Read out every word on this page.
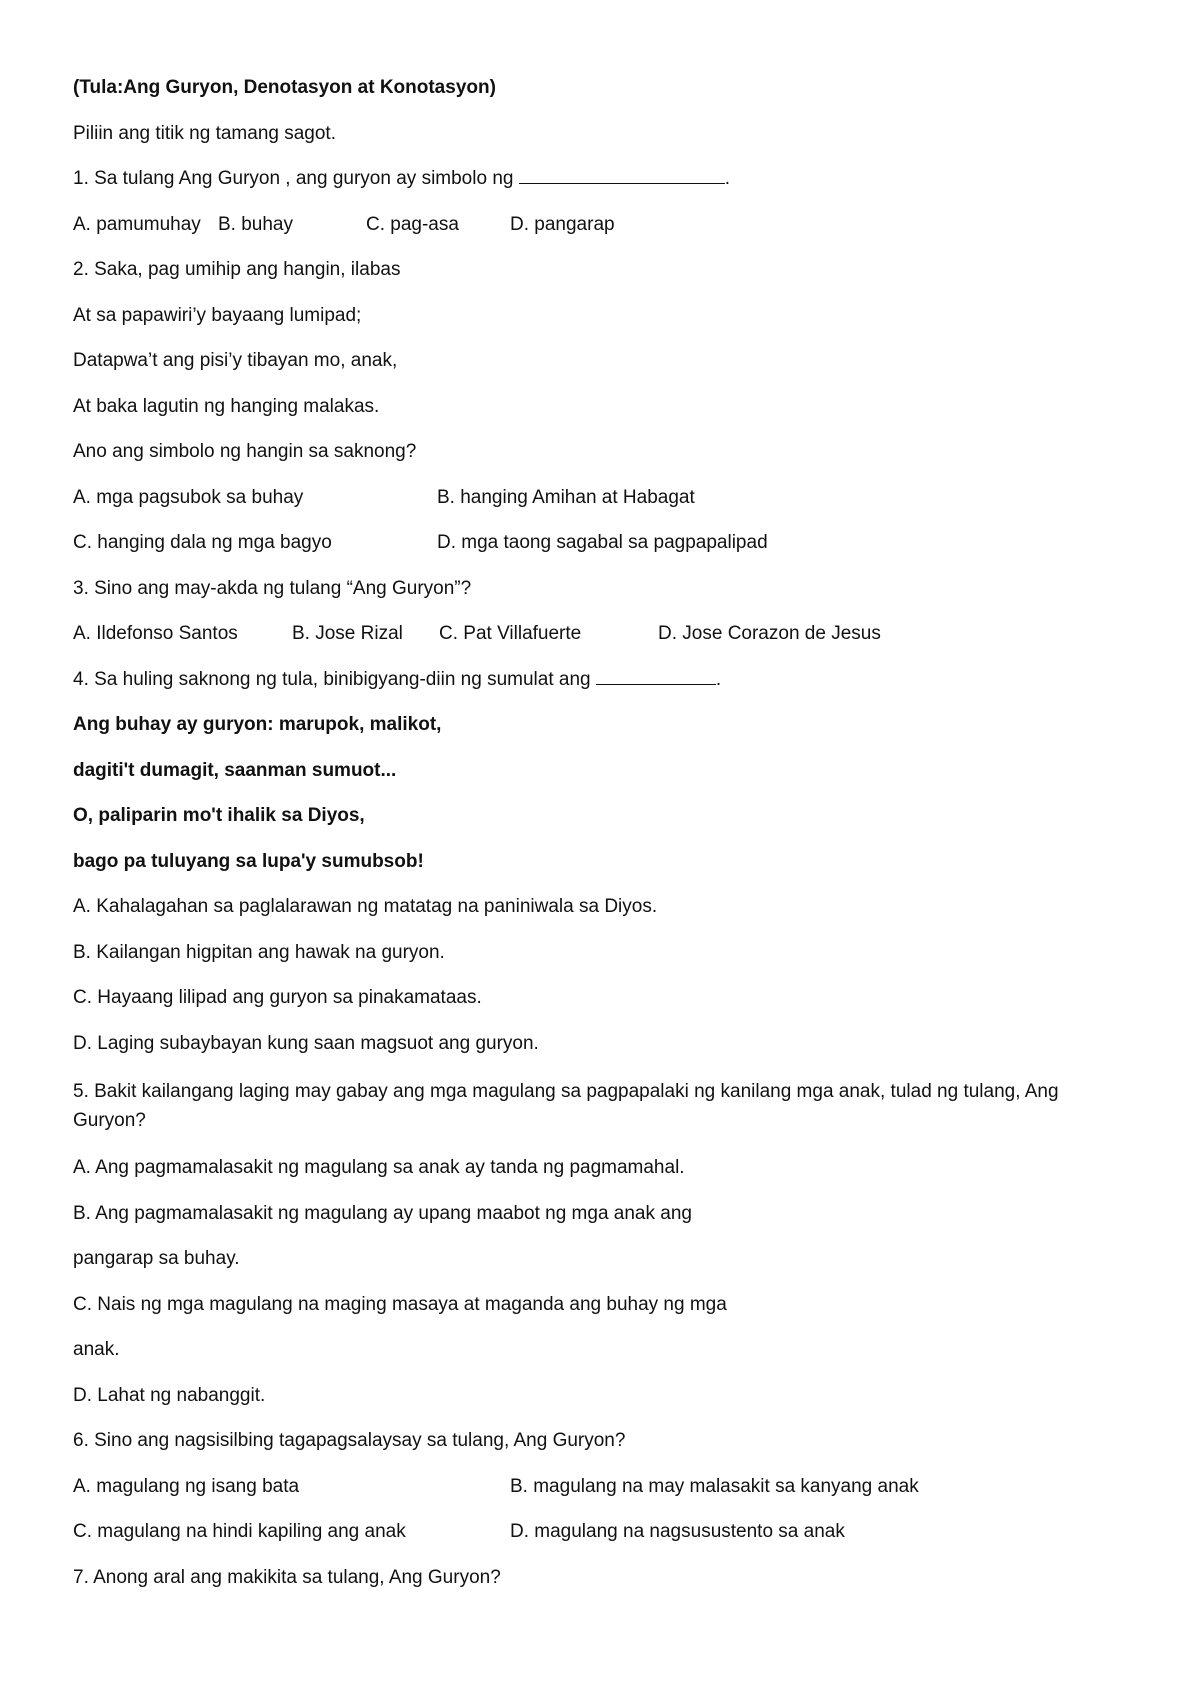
(Tula:Ang Guryon, Denotasyon at Konotasyon)
Piliin ang titik ng tamang sagot.
1. Sa tulang Ang Guryon , ang guryon ay simbolo ng	.
A. pamumuhay B. buhay	C. pag-asa	D. pangarap
2. Saka, pag umihip ang hangin, ilabas
At sa papawiri’y bayaang lumipad;
Datapwa’t ang pisi’y tibayan mo, anak,
At baka lagutin ng hanging malakas.
Ano ang simbolo ng hangin sa saknong?
A. mga pagsubok sa buhay	B. hanging Amihan at Habagat
C. hanging dala ng mga bagyo	D. mga taong sagabal sa pagpapalipad
3. Sino ang may-akda ng tulang “Ang Guryon”?
A. Ildefonso Santos	B. Jose Rizal C. Pat Villafuerte	D. Jose Corazon de Jesus
4. Sa huling saknong ng tula, binibigyang-diin ng sumulat ang	.
Ang buhay ay guryon: marupok, malikot,
dagiti't dumagit, saanman sumuot...
O, paliparin mo't ihalik sa Diyos,
bago pa tuluyang sa lupa'y sumubsob!
A. Kahalagahan sa paglalarawan ng matatag na paniniwala sa Diyos.
B. Kailangan higpitan ang hawak na guryon.
C. Hayaang lilipad ang guryon sa pinakamataas.
D. Laging subaybayan kung saan magsuot ang guryon.
5. Bakit kailangang laging may gabay ang mga magulang sa pagpapalaki ng kanilang mga anak, tulad ng tulang, Ang Guryon?
A. Ang pagmamalasakit ng magulang sa anak ay tanda ng pagmamahal.
B. Ang pagmamalasakit ng magulang ay upang maabot ng mga anak ang
pangarap sa buhay.
C. Nais ng mga magulang na maging masaya at maganda ang buhay ng mga
anak.
D. Lahat ng nabanggit.
6. Sino ang nagsisilbing tagapagsalaysay sa tulang, Ang Guryon?
A. magulang ng isang bata	B. magulang na may malasakit sa kanyang anak
C. magulang na hindi kapiling ang anak	D. magulang na nagsusustento sa anak
7. Anong aral ang makikita sa tulang, Ang Guryon?
